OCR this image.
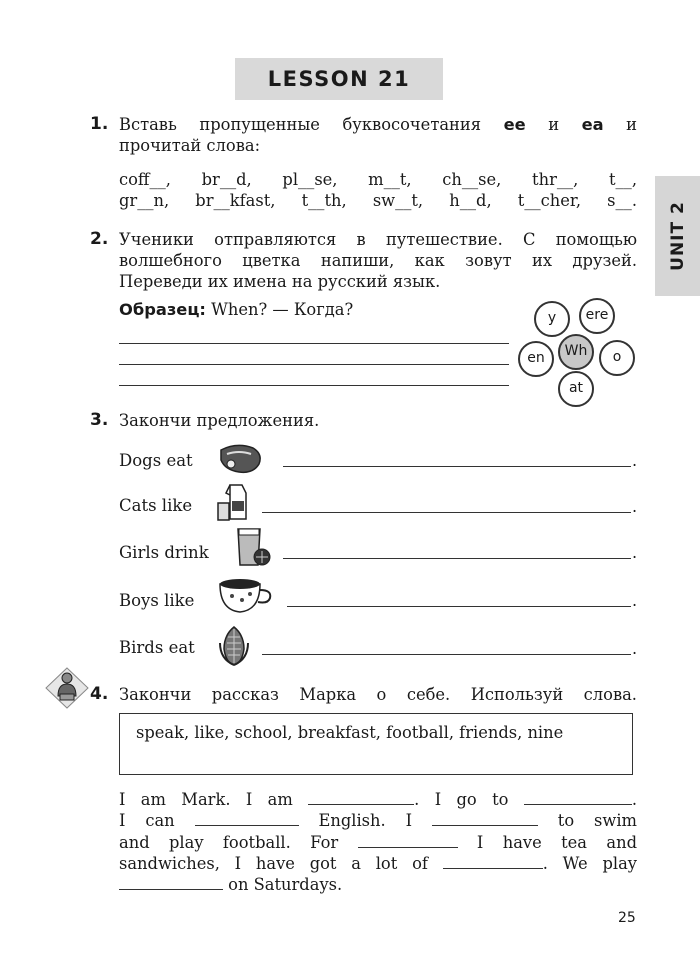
LESSON 21
UNIT 2
1. Вставь пропущенные буквосочетания ee и ea и
прочитай слова:
coff__, br__d, pl__se, m__t, ch__se, thr__, t__,
gr__n, br__kfast, t__th, sw__t, h__d, t__cher, s__.
2. Ученики отправляются в путешествие. С помощью
волшебного цветка напиши, как зовут их друзей.
Переведи их имена на русский язык.
Образец: When? — Когда?	y	ere
en	o
at
Wh
3. Закончи предложения.
Dogs eat	.
Cats like	.
Girls drink	.
Boys like	.
Birds eat	.
4. Закончи рассказ Марка о себе. Используй слова.
speak, like, school, breakfast, football, friends, nine
I am Mark. I am	. I go to	.
I can	English. I	to swim
and play football. For	I have tea and
sandwiches, I have got a lot of	. We play
on Saturdays.
25
